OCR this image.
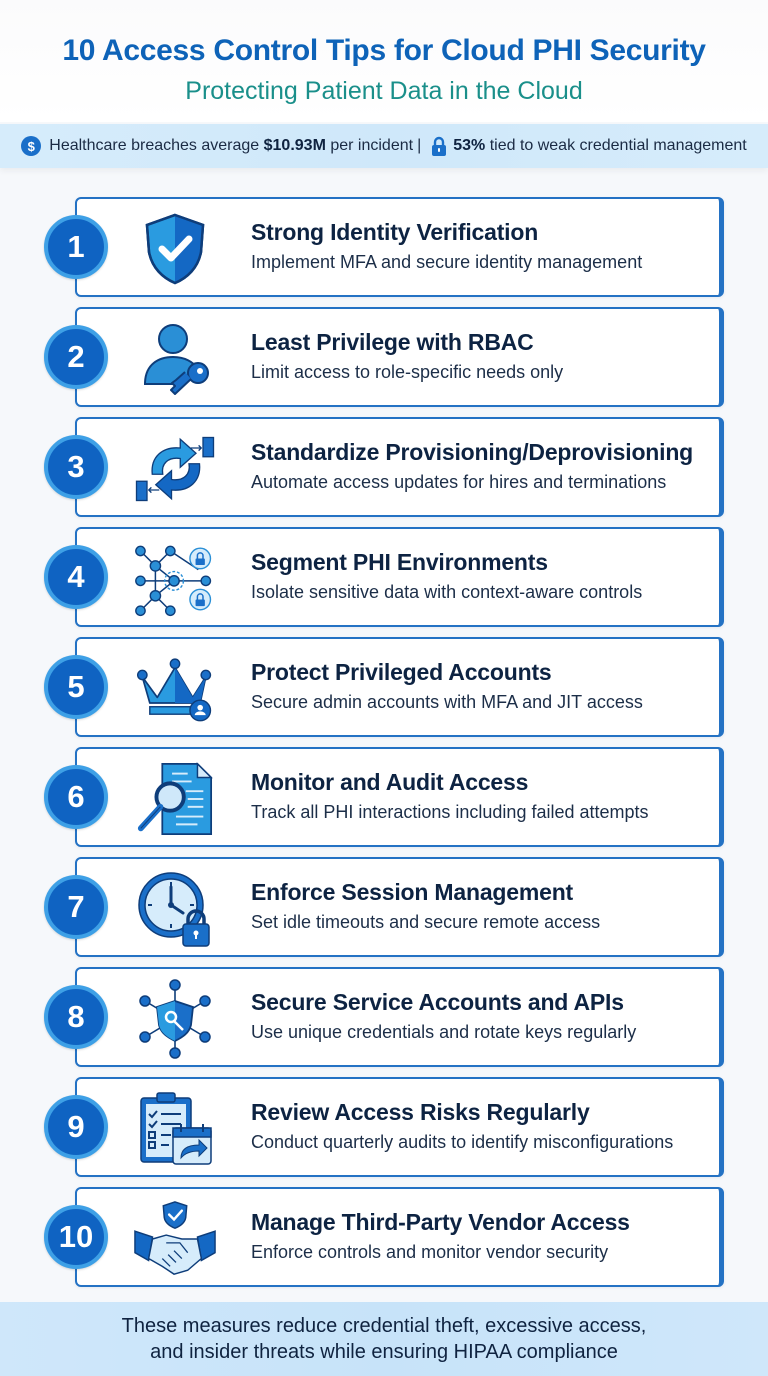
10 Access Control Tips for Cloud PHI Security
Protecting Patient Data in the Cloud
$ Healthcare breaches average $10.93M per incident | 53% tied to weak credential management
Strong Identity Verification
Implement MFA and secure identity management
1
Least Privilege with RBAC
Limit access to role-specific needs only
2
Standardize Provisioning/Deprovisioning
Automate access updates for hires and terminations
3
Segment PHI Environments
Isolate sensitive data with context-aware controls
4
Protect Privileged Accounts
Secure admin accounts with MFA and JIT access
5
Monitor and Audit Access
Track all PHI interactions including failed attempts
6
Enforce Session Management
Set idle timeouts and secure remote access
7
Secure Service Accounts and APIs
Use unique credentials and rotate keys regularly
8
Review Access Risks Regularly
Conduct quarterly audits to identify misconfigurations
9
Manage Third-Party Vendor Access
Enforce controls and monitor vendor security
10
These measures reduce credential theft, excessive access,
and insider threats while ensuring HIPAA compliance
